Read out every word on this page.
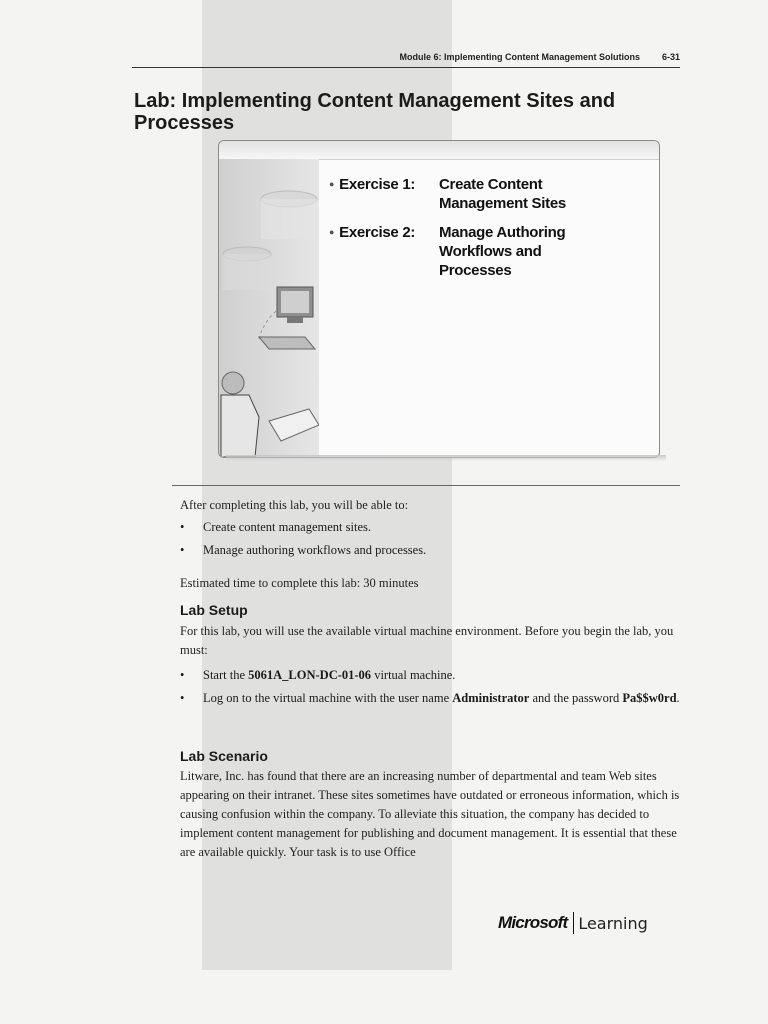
Module 6: Implementing Content Management Solutions 6-31
Lab: Implementing Content Management Sites and Processes
● Exercise 1: Create Content Management Sites
● Exercise 2: Manage Authoring Workflows and Processes
After completing this lab, you will be able to:
• Create content management sites.
• Manage authoring workflows and processes.
Estimated time to complete this lab: 30 minutes
Lab Setup
For this lab, you will use the available virtual machine environment. Before you begin the lab, you must:
• Start the 5061A_LON-DC-01-06 virtual machine.
• Log on to the virtual machine with the user name Administrator and the password Pa$$w0rd.
Lab Scenario
Litware, Inc. has found that there are an increasing number of departmental and team Web sites appearing on their intranet. These sites sometimes have outdated or erroneous information, which is causing confusion within the company. To alleviate this situation, the company has decided to implement content management for publishing and document management. It is essential that these are available quickly. Your task is to use Office
Microsoft Learning
